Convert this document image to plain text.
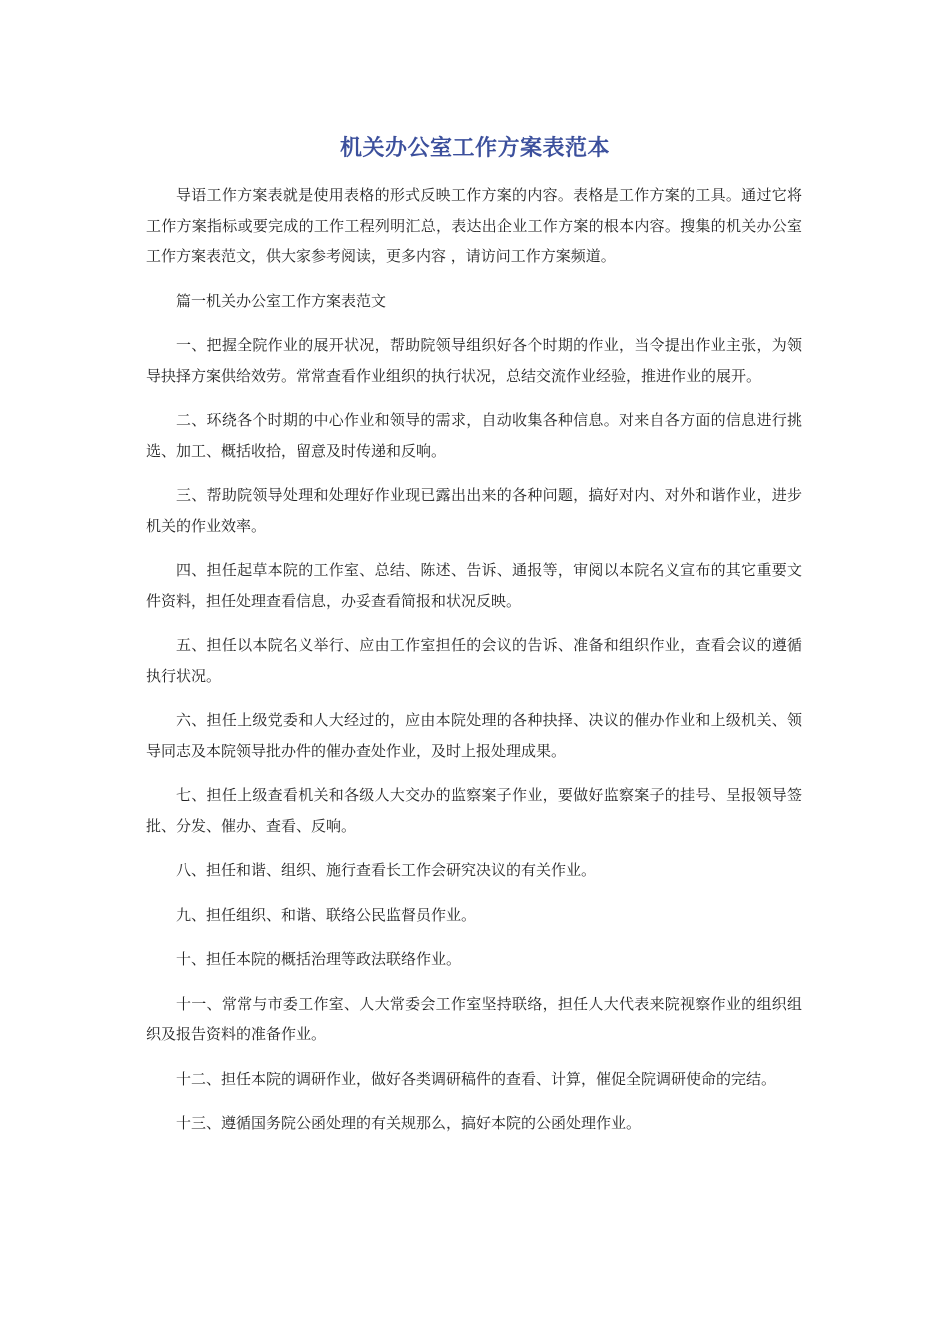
机关办公室工作方案表范本

导语工作方案表就是使用表格的形式反映工作方案的内容。表格是工作方案的工具。通过它将工作方案指标或要完成的工作工程列明汇总，表达出企业工作方案的根本内容。搜集的机关办公室工作方案表范文，供大家参考阅读，更多内容 ，请访问工作方案频道。

篇一机关办公室工作方案表范文

一、把握全院作业的展开状况，帮助院领导组织好各个时期的作业，当令提出作业主张，为领导抉择方案供给效劳。常常查看作业组织的执行状况，总结交流作业经验，推进作业的展开。

二、环绕各个时期的中心作业和领导的需求，自动收集各种信息。对来自各方面的信息进行挑选、加工、概括收拾，留意及时传递和反响。

三、帮助院领导处理和处理好作业现已露出出来的各种问题，搞好对内、对外和谐作业，进步机关的作业效率。

四、担任起草本院的工作室、总结、陈述、告诉、通报等，审阅以本院名义宣布的其它重要文件资料，担任处理查看信息，办妥查看简报和状况反映。

五、担任以本院名义举行、应由工作室担任的会议的告诉、准备和组织作业，查看会议的遵循执行状况。

六、担任上级党委和人大经过的，应由本院处理的各种抉择、决议的催办作业和上级机关、领导同志及本院领导批办件的催办查处作业，及时上报处理成果。

七、担任上级查看机关和各级人大交办的监察案子作业，要做好监察案子的挂号、呈报领导签批、分发、催办、查看、反响。

八、担任和谐、组织、施行查看长工作会研究决议的有关作业。

九、担任组织、和谐、联络公民监督员作业。

十、担任本院的概括治理等政法联络作业。

十一、常常与市委工作室、人大常委会工作室坚持联络，担任人大代表来院视察作业的组织组织及报告资料的准备作业。

十二、担任本院的调研作业，做好各类调研稿件的查看、计算，催促全院调研使命的完结。

十三、遵循国务院公函处理的有关规那么，搞好本院的公函处理作业。
